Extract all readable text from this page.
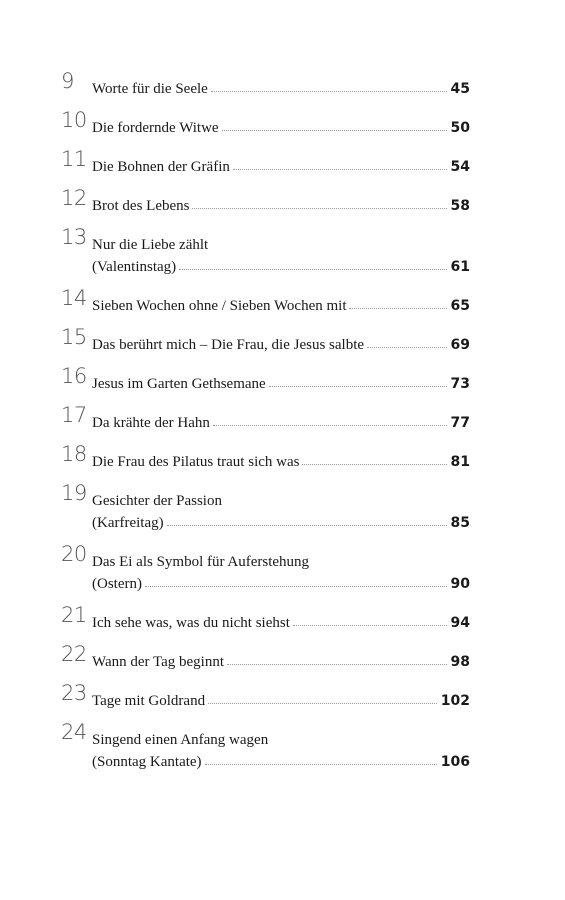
9 Worte für die Seele	45
10 Die fordernde Witwe	50
11 Die Bohnen der Gräfin	54
12 Brot des Lebens	58
13 Nur die Liebe zählt
(Valentinstag)	61
14 Sieben Wochen ohne / Sieben Wochen mit	65
15 Das berührt mich – Die Frau, die Jesus salbte	69
16 Jesus im Garten Gethsemane	73
17 Da krähte der Hahn	77
18 Die Frau des Pilatus traut sich was	81
19 Gesichter der Passion
(Karfreitag)	85
20 Das Ei als Symbol für Auferstehung
(Ostern)	90
21 Ich sehe was, was du nicht siehst	94
22 Wann der Tag beginnt	98
23 Tage mit Goldrand	102
24 Singend einen Anfang wagen
(Sonntag Kantate)	106
